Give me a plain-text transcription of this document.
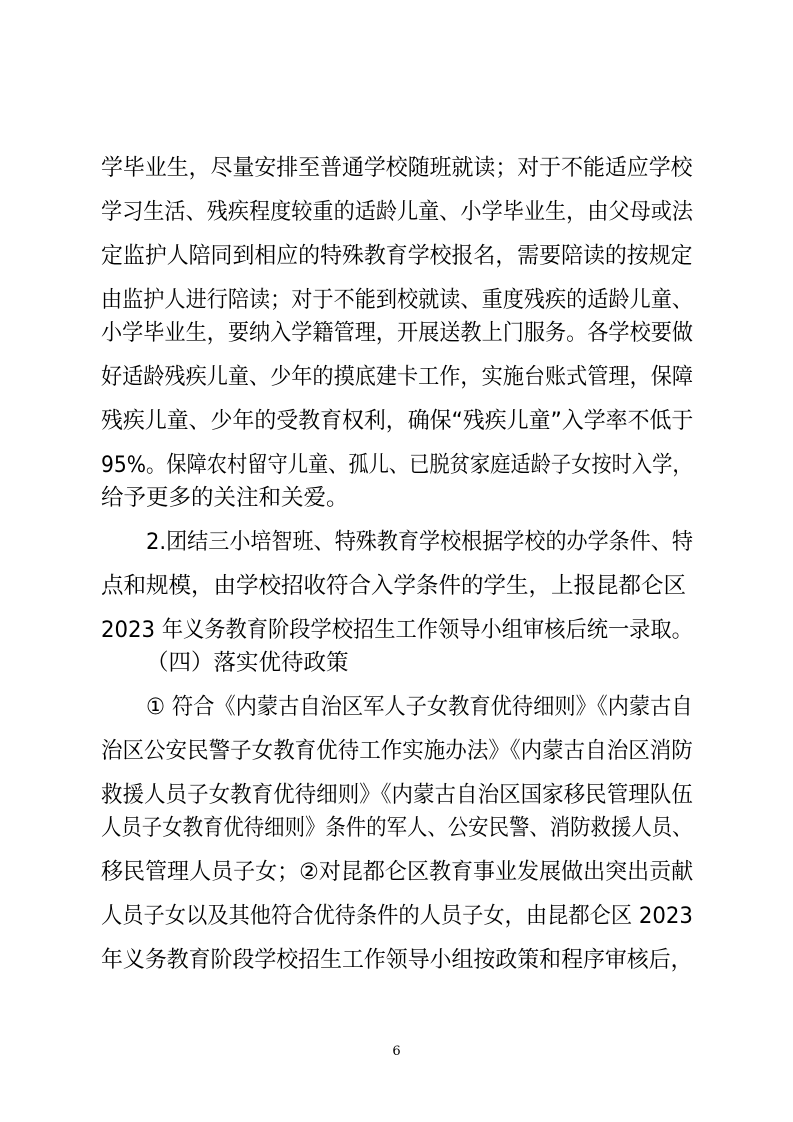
学毕业生，尽量安排至普通学校随班就读；对于不能适应学校
学习生活、残疾程度较重的适龄儿童、小学毕业生，由父母或法
定监护人陪同到相应的特殊教育学校报名，需要陪读的按规定
由监护人进行陪读；对于不能到校就读、重度残疾的适龄儿童、
小学毕业生，要纳入学籍管理，开展送教上门服务。各学校要做
好适龄残疾儿童、少年的摸底建卡工作，实施台账式管理，保障
残疾儿童、少年的受教育权利，确保“残疾儿童”入学率不低于
95%。保障农村留守儿童、孤儿、已脱贫家庭适龄子女按时入学，
给予更多的关注和关爱。
2.团结三小培智班、特殊教育学校根据学校的办学条件、特
点和规模，由学校招收符合入学条件的学生，上报昆都仑区
2023 年义务教育阶段学校招生工作领导小组审核后统一录取。
（四）落实优待政策
① 符合《内蒙古自治区军人子女教育优待细则》《内蒙古自
治区公安民警子女教育优待工作实施办法》《内蒙古自治区消防
救援人员子女教育优待细则》《内蒙古自治区国家移民管理队伍
人员子女教育优待细则》条件的军人、公安民警、消防救援人员、
移民管理人员子女；②对昆都仑区教育事业发展做出突出贡献
人员子女以及其他符合优待条件的人员子女，由昆都仑区 2023
年义务教育阶段学校招生工作领导小组按政策和程序审核后，
6
